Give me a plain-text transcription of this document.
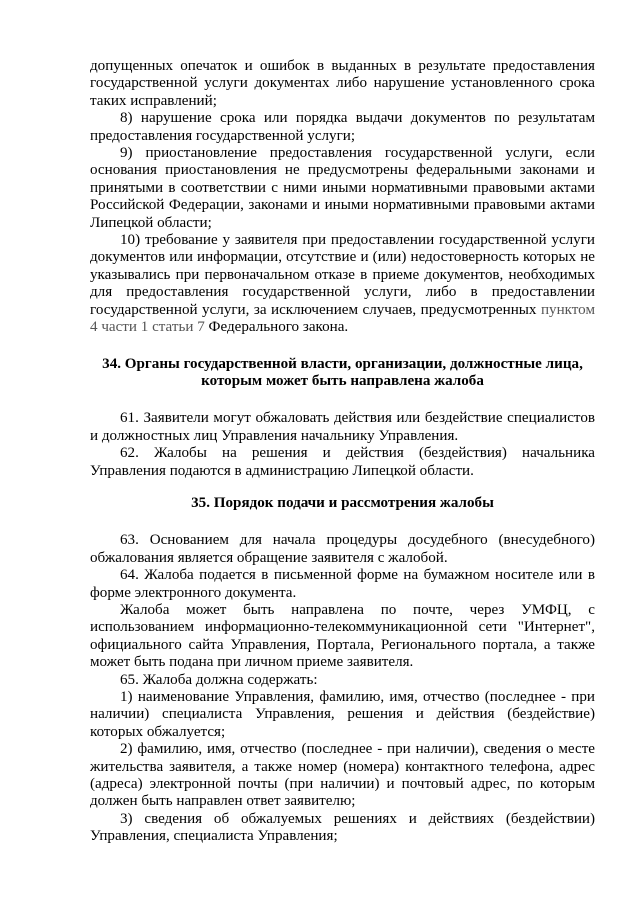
допущенных опечаток и ошибок в выданных в результате предоставления государственной услуги документах либо нарушение установленного срока таких исправлений;

8) нарушение срока или порядка выдачи документов по результатам предоставления государственной услуги;

9) приостановление предоставления государственной услуги, если основания приостановления не предусмотрены федеральными законами и принятыми в соответствии с ними иными нормативными правовыми актами Российской Федерации, законами и иными нормативными правовыми актами Липецкой области;

10) требование у заявителя при предоставлении государственной услуги документов или информации, отсутствие и (или) недостоверность которых не указывались при первоначальном отказе в приеме документов, необходимых для предоставления государственной услуги, либо в предоставлении государственной услуги, за исключением случаев, предусмотренных пунктом 4 части 1 статьи 7 Федерального закона.

34. Органы государственной власти, организации, должностные лица, которым может быть направлена жалоба

61. Заявители могут обжаловать действия или бездействие специалистов и должностных лиц Управления начальнику Управления.

62. Жалобы на решения и действия (бездействия) начальника Управления подаются в администрацию Липецкой области.

35. Порядок подачи и рассмотрения жалобы

63. Основанием для начала процедуры досудебного (внесудебного) обжалования является обращение заявителя с жалобой.

64. Жалоба подается в письменной форме на бумажном носителе или в форме электронного документа.

Жалоба может быть направлена по почте, через УМФЦ, с использованием информационно-телекоммуникационной сети "Интернет", официального сайта Управления, Портала, Регионального портала, а также может быть подана при личном приеме заявителя.

65. Жалоба должна содержать:

1) наименование Управления, фамилию, имя, отчество (последнее - при наличии) специалиста Управления, решения и действия (бездействие) которых обжалуется;

2) фамилию, имя, отчество (последнее - при наличии), сведения о месте жительства заявителя, а также номер (номера) контактного телефона, адрес (адреса) электронной почты (при наличии) и почтовый адрес, по которым должен быть направлен ответ заявителю;

3) сведения об обжалуемых решениях и действиях (бездействии) Управления, специалиста Управления;
